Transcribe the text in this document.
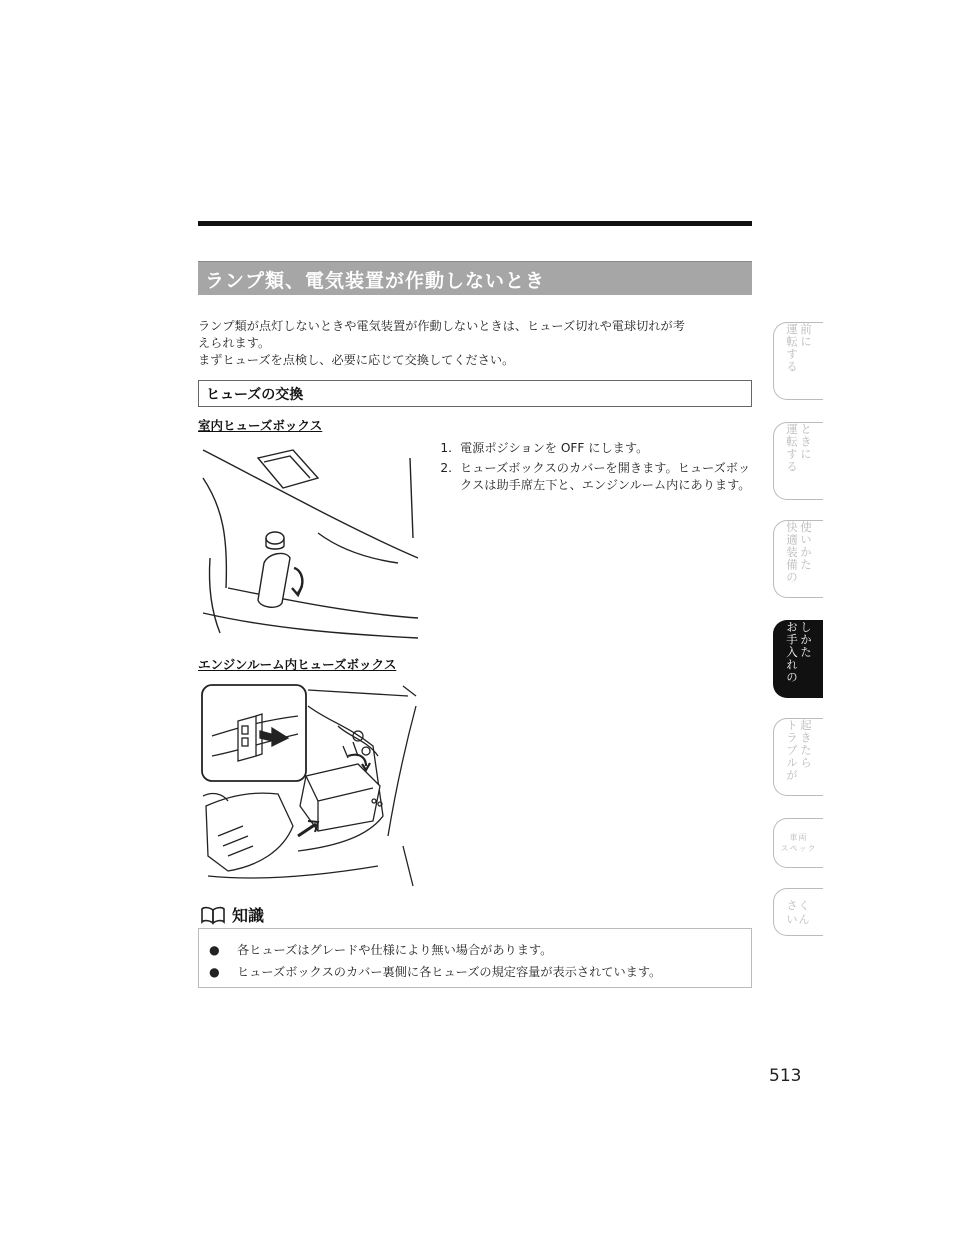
ランプ類、電気装置が作動しないとき
ランプ類が点灯しないときや電気装置が作動しないときは、ヒューズ切れや電球切れが考
えられます。
まずヒューズを点検し、必要に応じて交換してください。
ヒューズの交換
室内ヒューズボックス
1. 電源ポジションを OFF にします。
2. ヒューズボックスのカバーを開きます。ヒューズボックスは助手席左下と、エンジンルーム内にあります。
エンジンルーム内ヒューズボックス
知識
●	各ヒューズはグレードや仕様により無い場合があります。
●	ヒューズボックスのカバー裏側に各ヒューズの規定容量が表示されています。
運転する 前に
運転する ときに
快適装備の 使いかた
お手入れの しかた
トラブルが 起きたら
車両
スペック
さく
いん
513
